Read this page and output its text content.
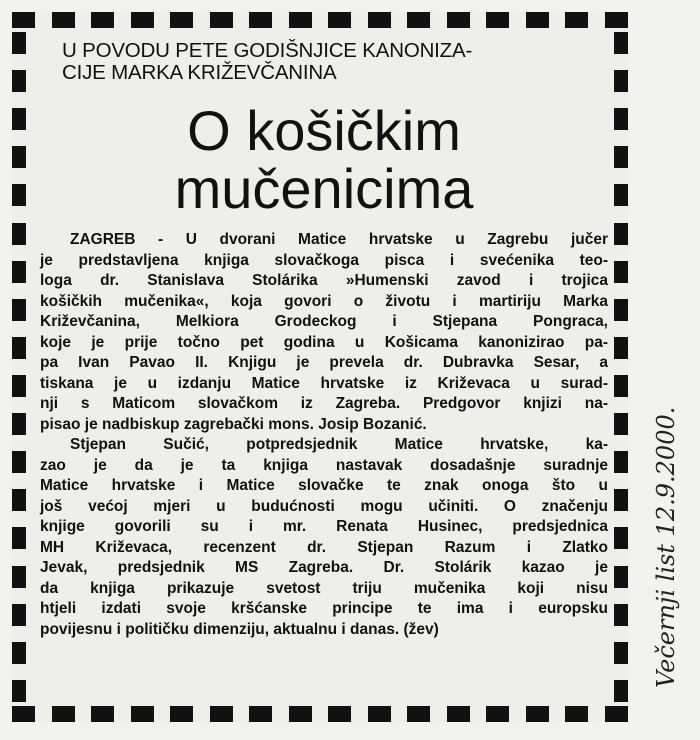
U POVODU PETE GODIŠNJICE KANONIZA-
CIJE MARKA KRIŽEVČANINA
O košičkim
mučenicima
ZAGREB - U dvorani Matice hrvatske u Zagrebu jučer
je predstavljena knjiga slovačkoga pisca i svećenika teo-
loga dr. Stanislava Stolárika »Humenski zavod i trojica
košičkih mučenika«, koja govori o životu i martiriju Marka
Križevčanina, Melkiora Grodeckog i Stjepana Pongraca,
koje je prije točno pet godina u Košicama kanonizirao pa-
pa Ivan Pavao II. Knjigu je prevela dr. Dubravka Sesar, a
tiskana je u izdanju Matice hrvatske iz Križevaca u surad-
nji s Maticom slovačkom iz Zagreba. Predgovor knjizi na-
pisao je nadbiskup zagrebački mons. Josip Bozanić.
Stjepan Sučić, potpredsjednik Matice hrvatske, ka-
zao je da je ta knjiga nastavak dosadašnje suradnje
Matice hrvatske i Matice slovačke te znak onoga što u
još većoj mjeri u budućnosti mogu učiniti. O značenju
knjige govorili su i mr. Renata Husinec, predsjednica
MH Križevaca, recenzent dr. Stjepan Razum i Zlatko
Jevak, predsjednik MS Zagreba. Dr. Stolárik kazao je
da knjiga prikazuje svetost triju mučenika koji nisu
htjeli izdati svoje kršćanske principe te ima i europsku
povijesnu i političku dimenziju, aktualnu i danas. (žev)	Večernji list 12.9.2000.
